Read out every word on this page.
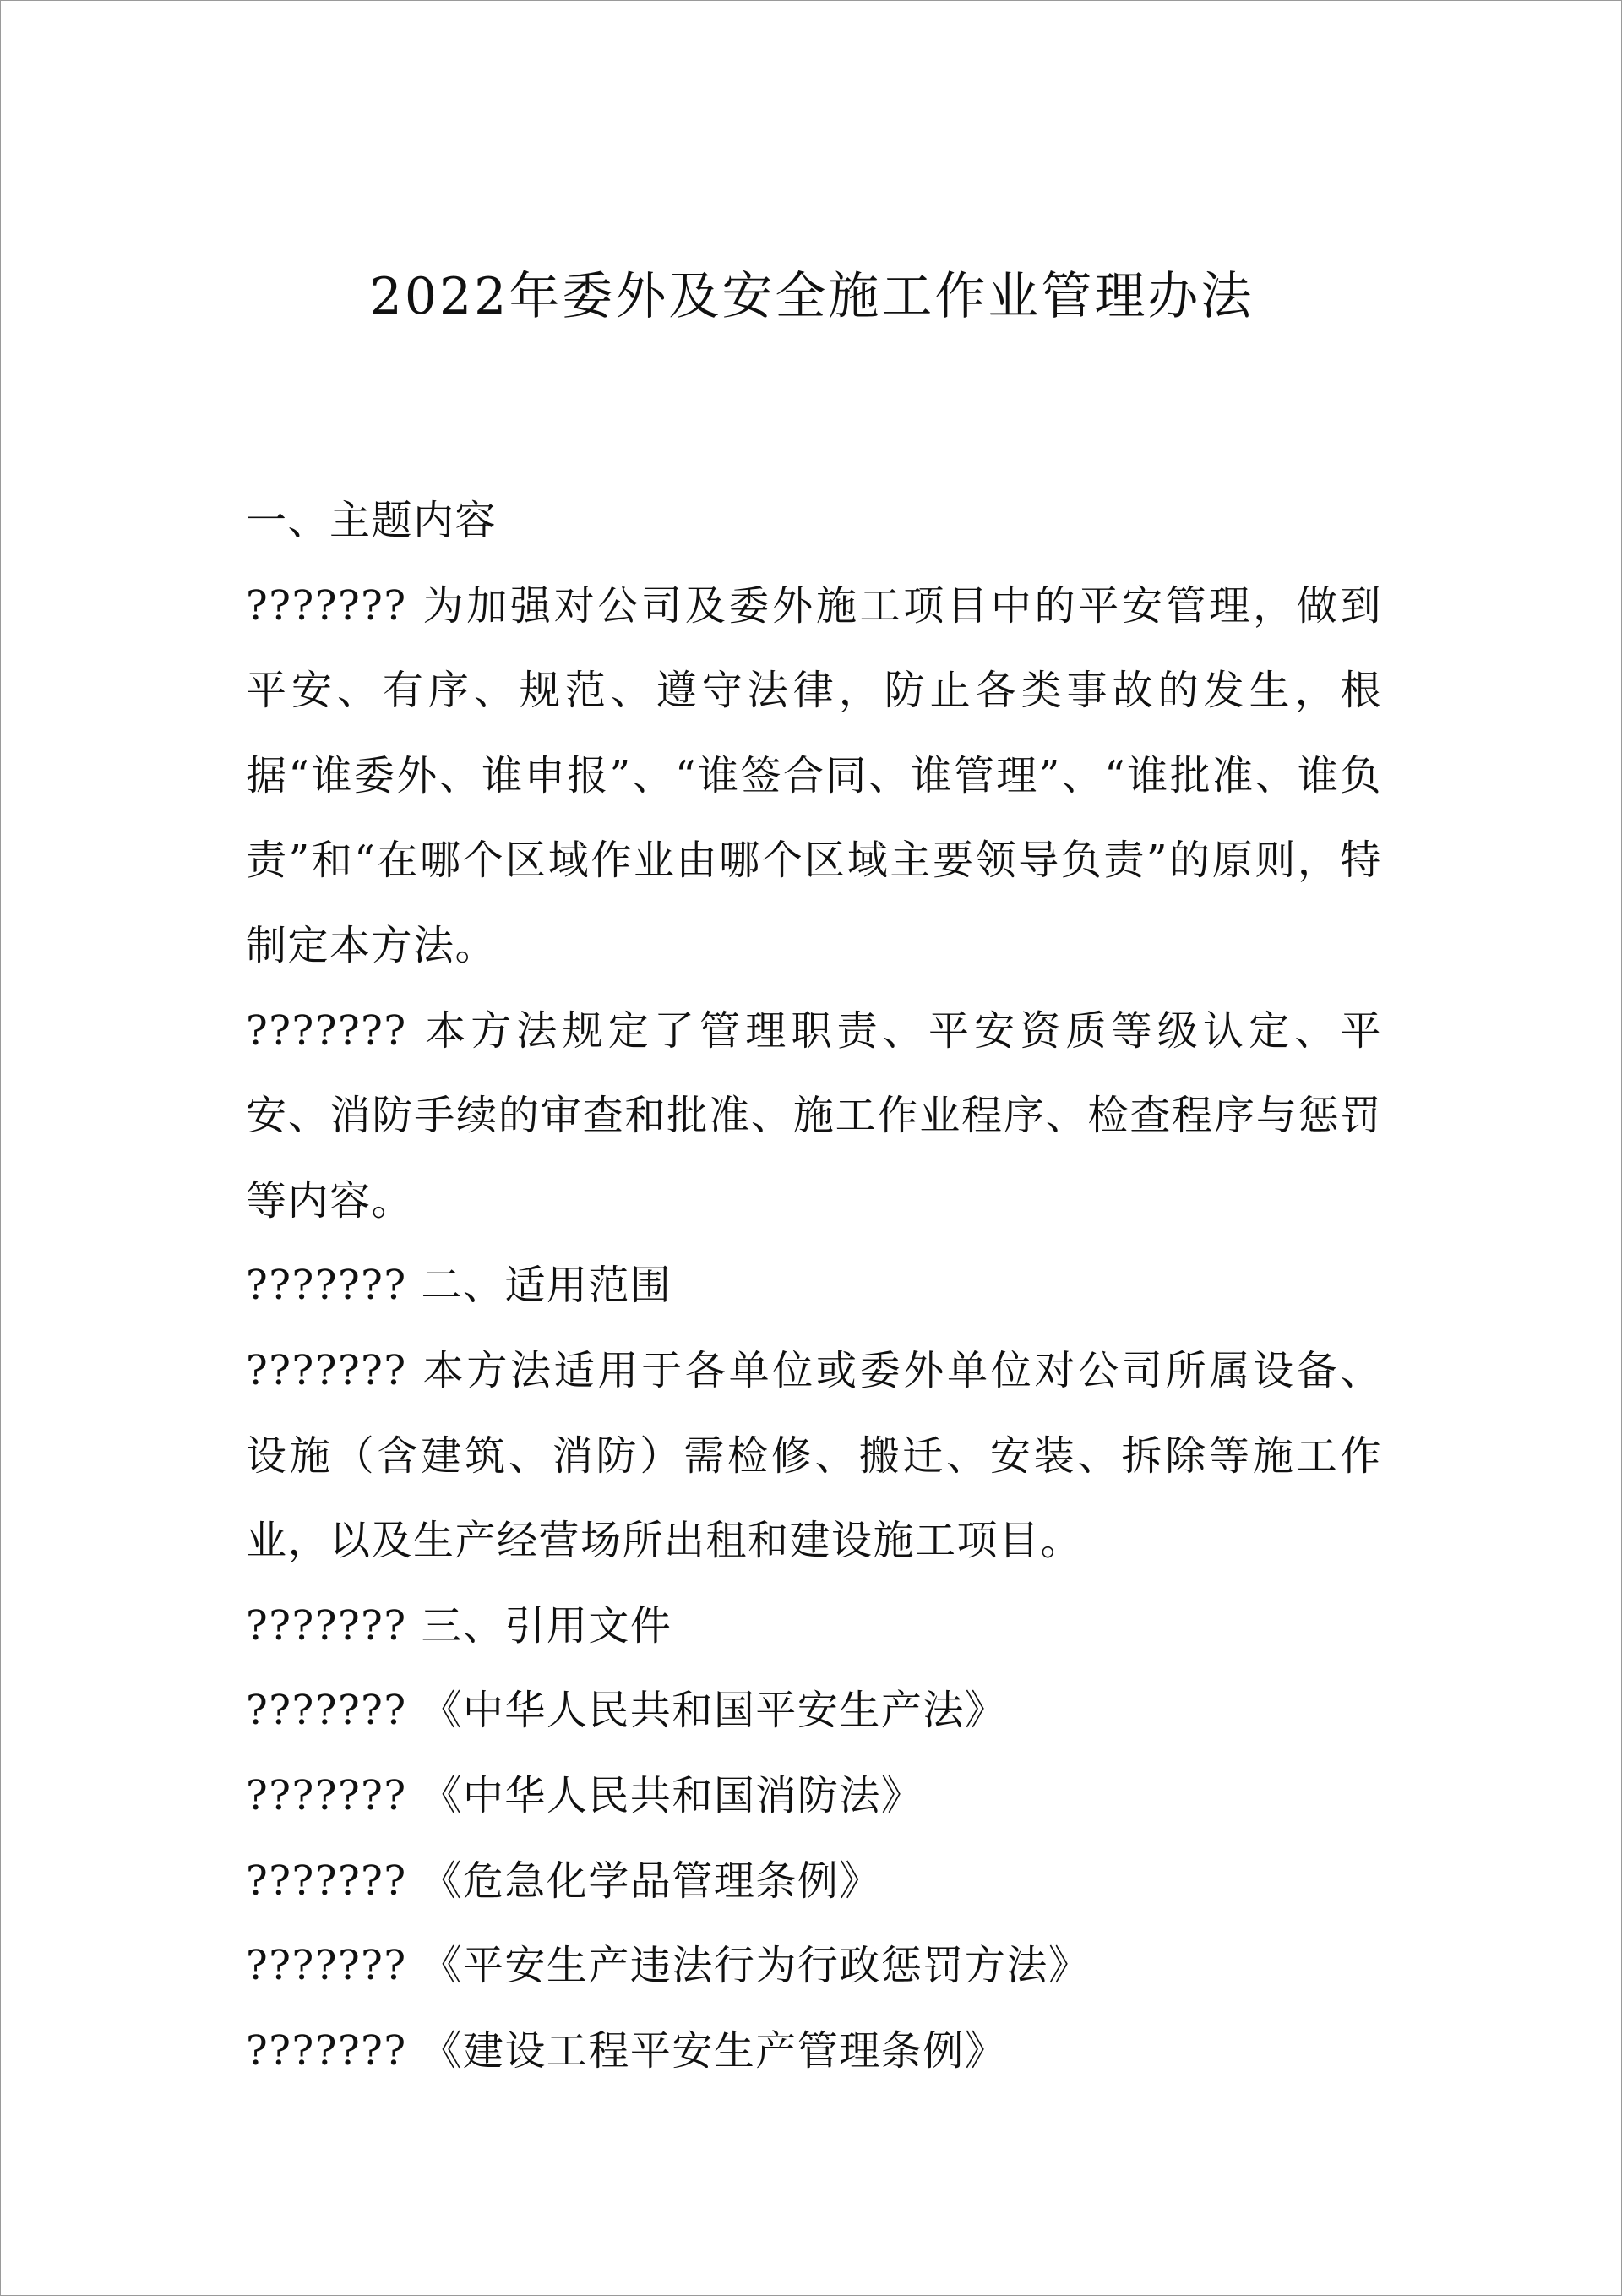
2022年委外及安全施工作业管理办法

一、主题内容

??????? 为加强对公司及委外施工项目中的平安管理，做到平安、有序、规范、遵守法律，防止各类事故的发生，根据“谁委外、谁申报”、“谁签合同、谁管理”、“谁批准、谁负责”和“在哪个区域作业由哪个区域主要领导负责”的原则，特制定本方法。

??????? 本方法规定了管理职责、平安资质等级认定、平安、消防手续的审查和批准、施工作业程序、检查程序与惩罚等内容。

??????? 二、适用范围

??????? 本方法适用于各单位或委外单位对公司所属设备、设施（含建筑、消防）需检修、搬迁、安装、拆除等施工作业，以及生产经营场所出租和建设施工项目。

??????? 三、引用文件

??????? 《中华人民共和国平安生产法》

??????? 《中华人民共和国消防法》

??????? 《危急化学品管理条例》

??????? 《平安生产违法行为行政惩罚方法》

??????? 《建设工程平安生产管理条例》
